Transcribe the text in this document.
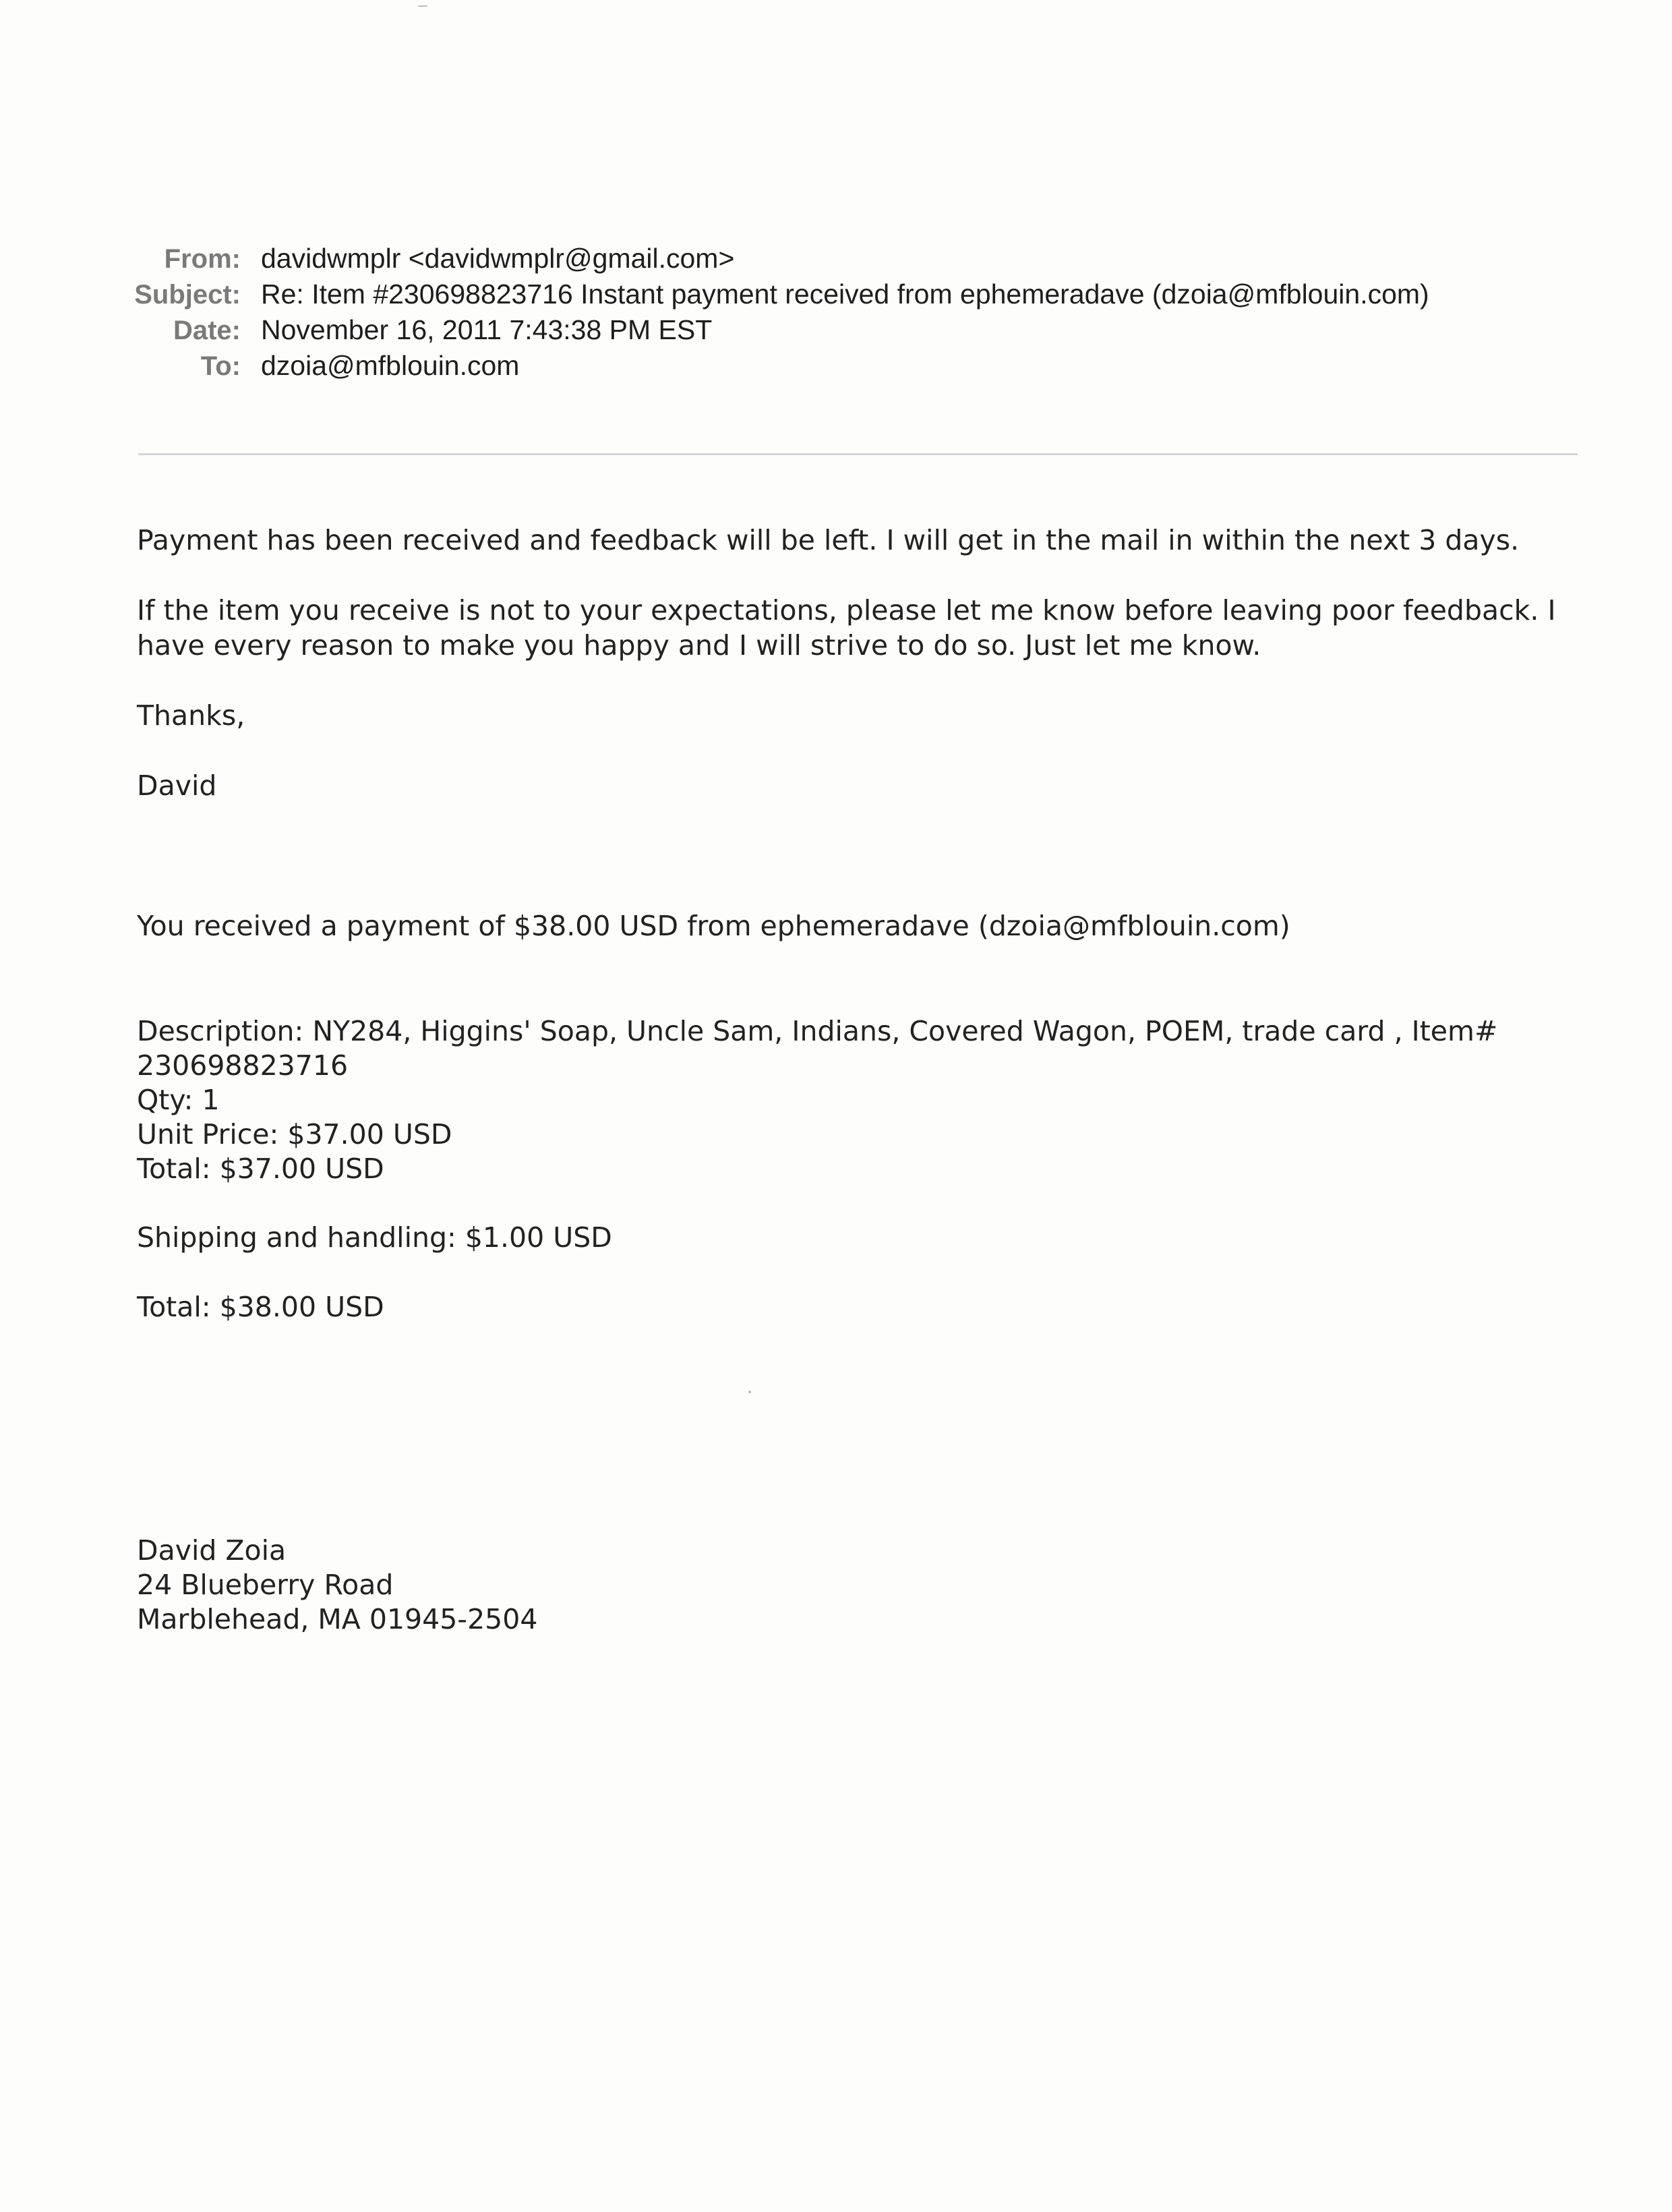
From: davidwmplr <davidwmplr@gmail.com>
Subject: Re: Item #230698823716 Instant payment received from ephemeradave (dzoia@mfblouin.com)
Date: November 16, 2011 7:43:38 PM EST
To: dzoia@mfblouin.com

Payment has been received and feedback will be left. I will get in the mail in within the next 3 days.

If the item you receive is not to your expectations, please let me know before leaving poor feedback. I

have every reason to make you happy and I will strive to do so. Just let me know.

Thanks,

David

You received a payment of $38.00 USD from ephemeradave (dzoia@mfblouin.com)
Description: NY284, Higgins' Soap, Uncle Sam, Indians, Covered Wagon, POEM, trade card , Item#
230698823716
Qty: 1
Unit Price: $37.00 USD
Total: $37.00 USD
Shipping and handling: $1.00 USD
Total: $38.00 USD
David Zoia
24 Blueberry Road
Marblehead, MA 01945-2504
